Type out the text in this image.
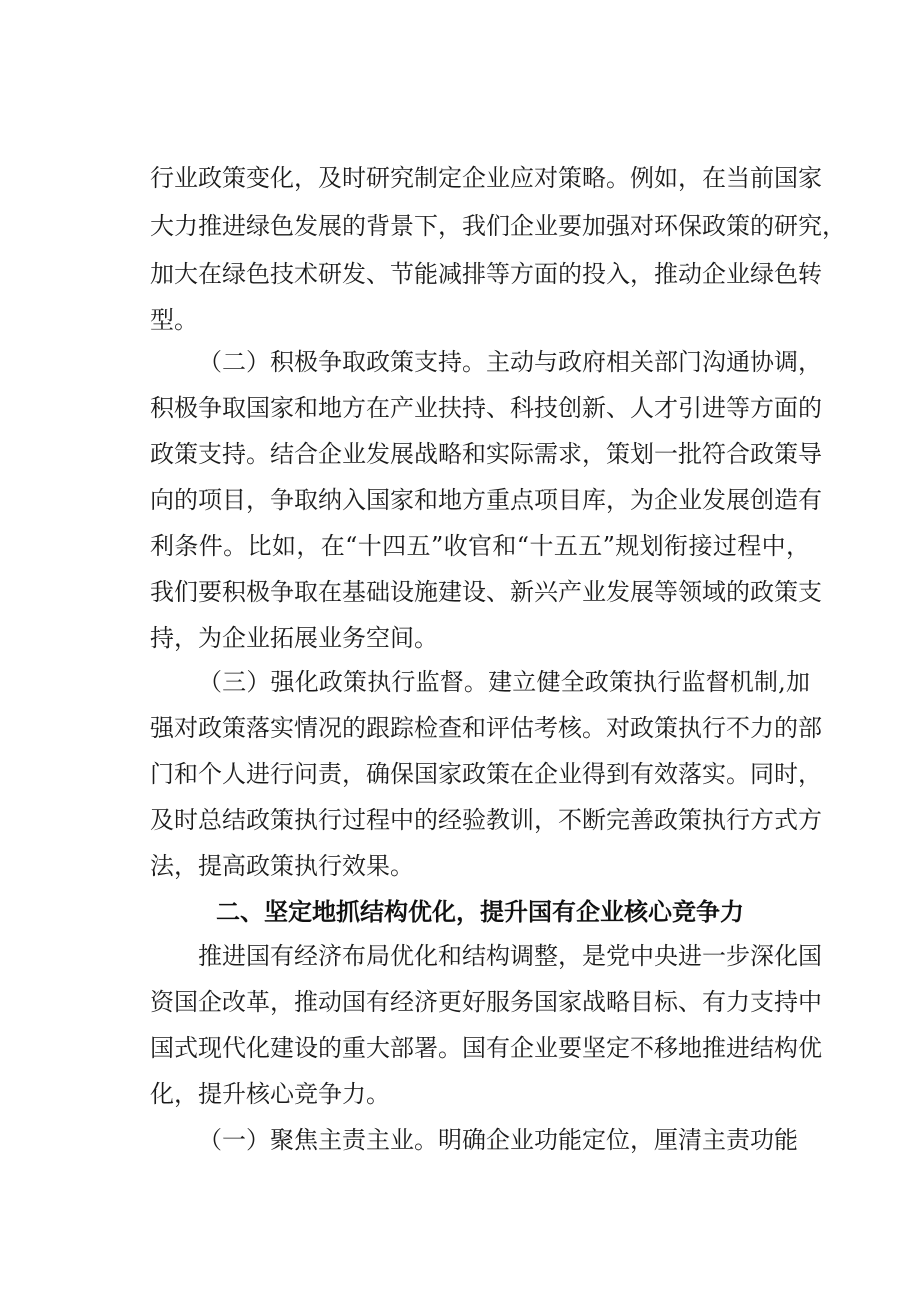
行业政策变化，及时研究制定企业应对策略。例如，在当前国家
大力推进绿色发展的背景下，我们企业要加强对环保政策的研究，
加大在绿色技术研发、节能减排等方面的投入，推动企业绿色转
型。
（二）积极争取政策支持。主动与政府相关部门沟通协调，
积极争取国家和地方在产业扶持、科技创新、人才引进等方面的
政策支持。结合企业发展战略和实际需求，策划一批符合政策导
向的项目，争取纳入国家和地方重点项目库，为企业发展创造有
利条件。比如，在“十四五”收官和“十五五”规划衔接过程中，
我们要积极争取在基础设施建设、新兴产业发展等领域的政策支
持，为企业拓展业务空间。
（三）强化政策执行监督。建立健全政策执行监督机制,加
强对政策落实情况的跟踪检查和评估考核。对政策执行不力的部
门和个人进行问责，确保国家政策在企业得到有效落实。同时，
及时总结政策执行过程中的经验教训，不断完善政策执行方式方
法，提高政策执行效果。
二、坚定地抓结构优化，提升国有企业核心竞争力
推进国有经济布局优化和结构调整，是党中央进一步深化国
资国企改革，推动国有经济更好服务国家战略目标、有力支持中
国式现代化建设的重大部署。国有企业要坚定不移地推进结构优
化，提升核心竞争力。
（一）聚焦主责主业。明确企业功能定位，厘清主责功能
